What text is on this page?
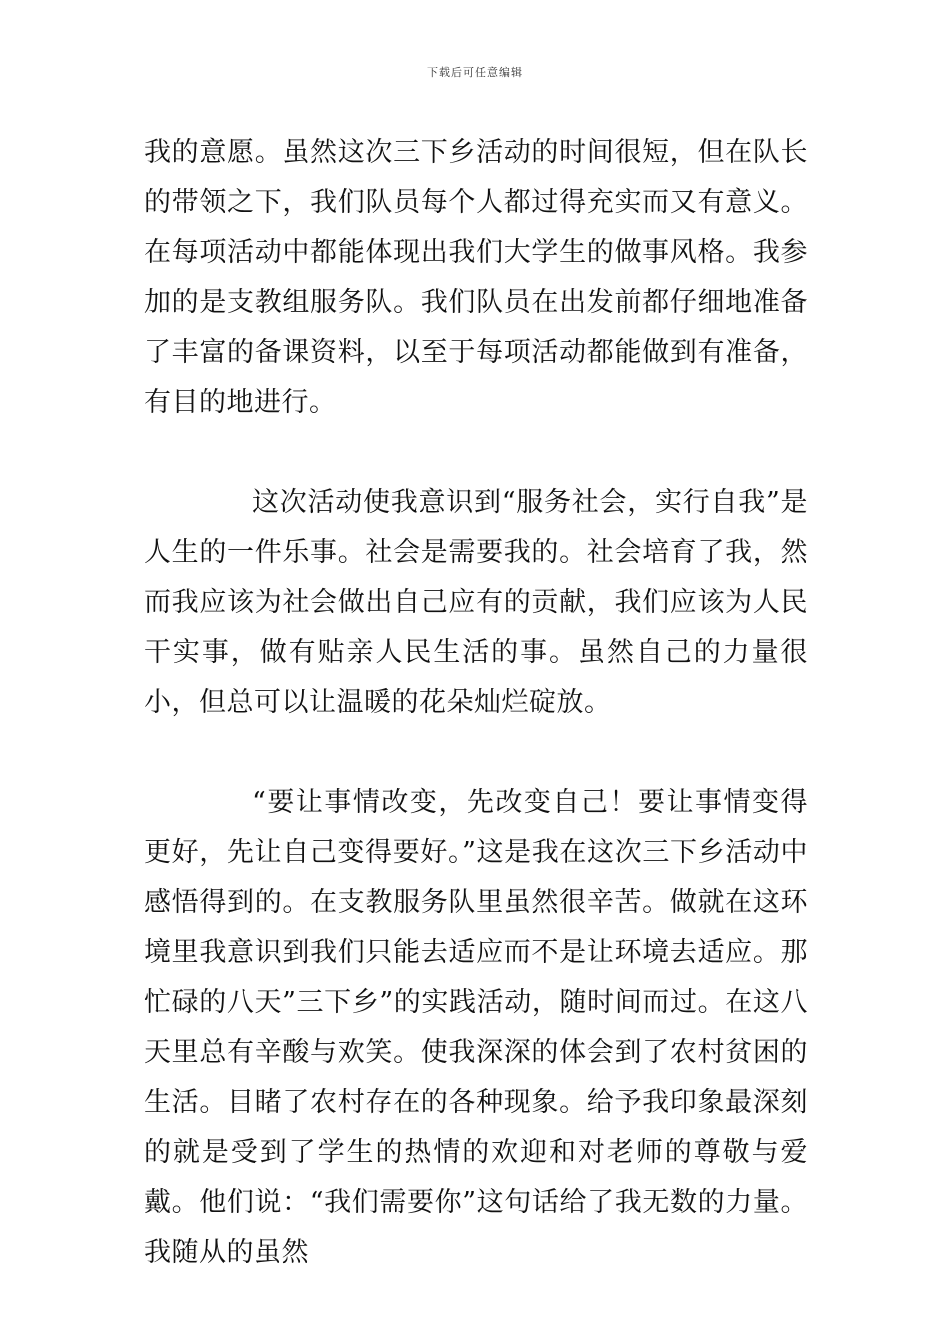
下载后可任意编辑

我的意愿。虽然这次三下乡活动的时间很短，但在队长的带领之下，我们队员每个人都过得充实而又有意义。在每项活动中都能体现出我们大学生的做事风格。我参加的是支教组服务队。我们队员在出发前都仔细地准备了丰富的备课资料，以至于每项活动都能做到有准备，有目的地进行。

这次活动使我意识到“服务社会，实行自我”是人生的一件乐事。社会是需要我的。社会培育了我，然而我应该为社会做出自己应有的贡献，我们应该为人民干实事，做有贴亲人民生活的事。虽然自己的力量很小，但总可以让温暖的花朵灿烂碇放。

“要让事情改变，先改变自己！要让事情变得更好，先让自己变得要好。”这是我在这次三下乡活动中感悟得到的。在支教服务队里虽然很辛苦。做就在这环境里我意识到我们只能去适应而不是让环境去适应。那忙碌的八天”三下乡”的实践活动，随时间而过。在这八天里总有辛酸与欢笑。使我深深的体会到了农村贫困的生活。目睹了农村存在的各种现象。给予我印象最深刻的就是受到了学生的热情的欢迎和对老师的尊敬与爱戴。他们说：“我们需要你”这句话给了我无数的力量。我随从的虽然
